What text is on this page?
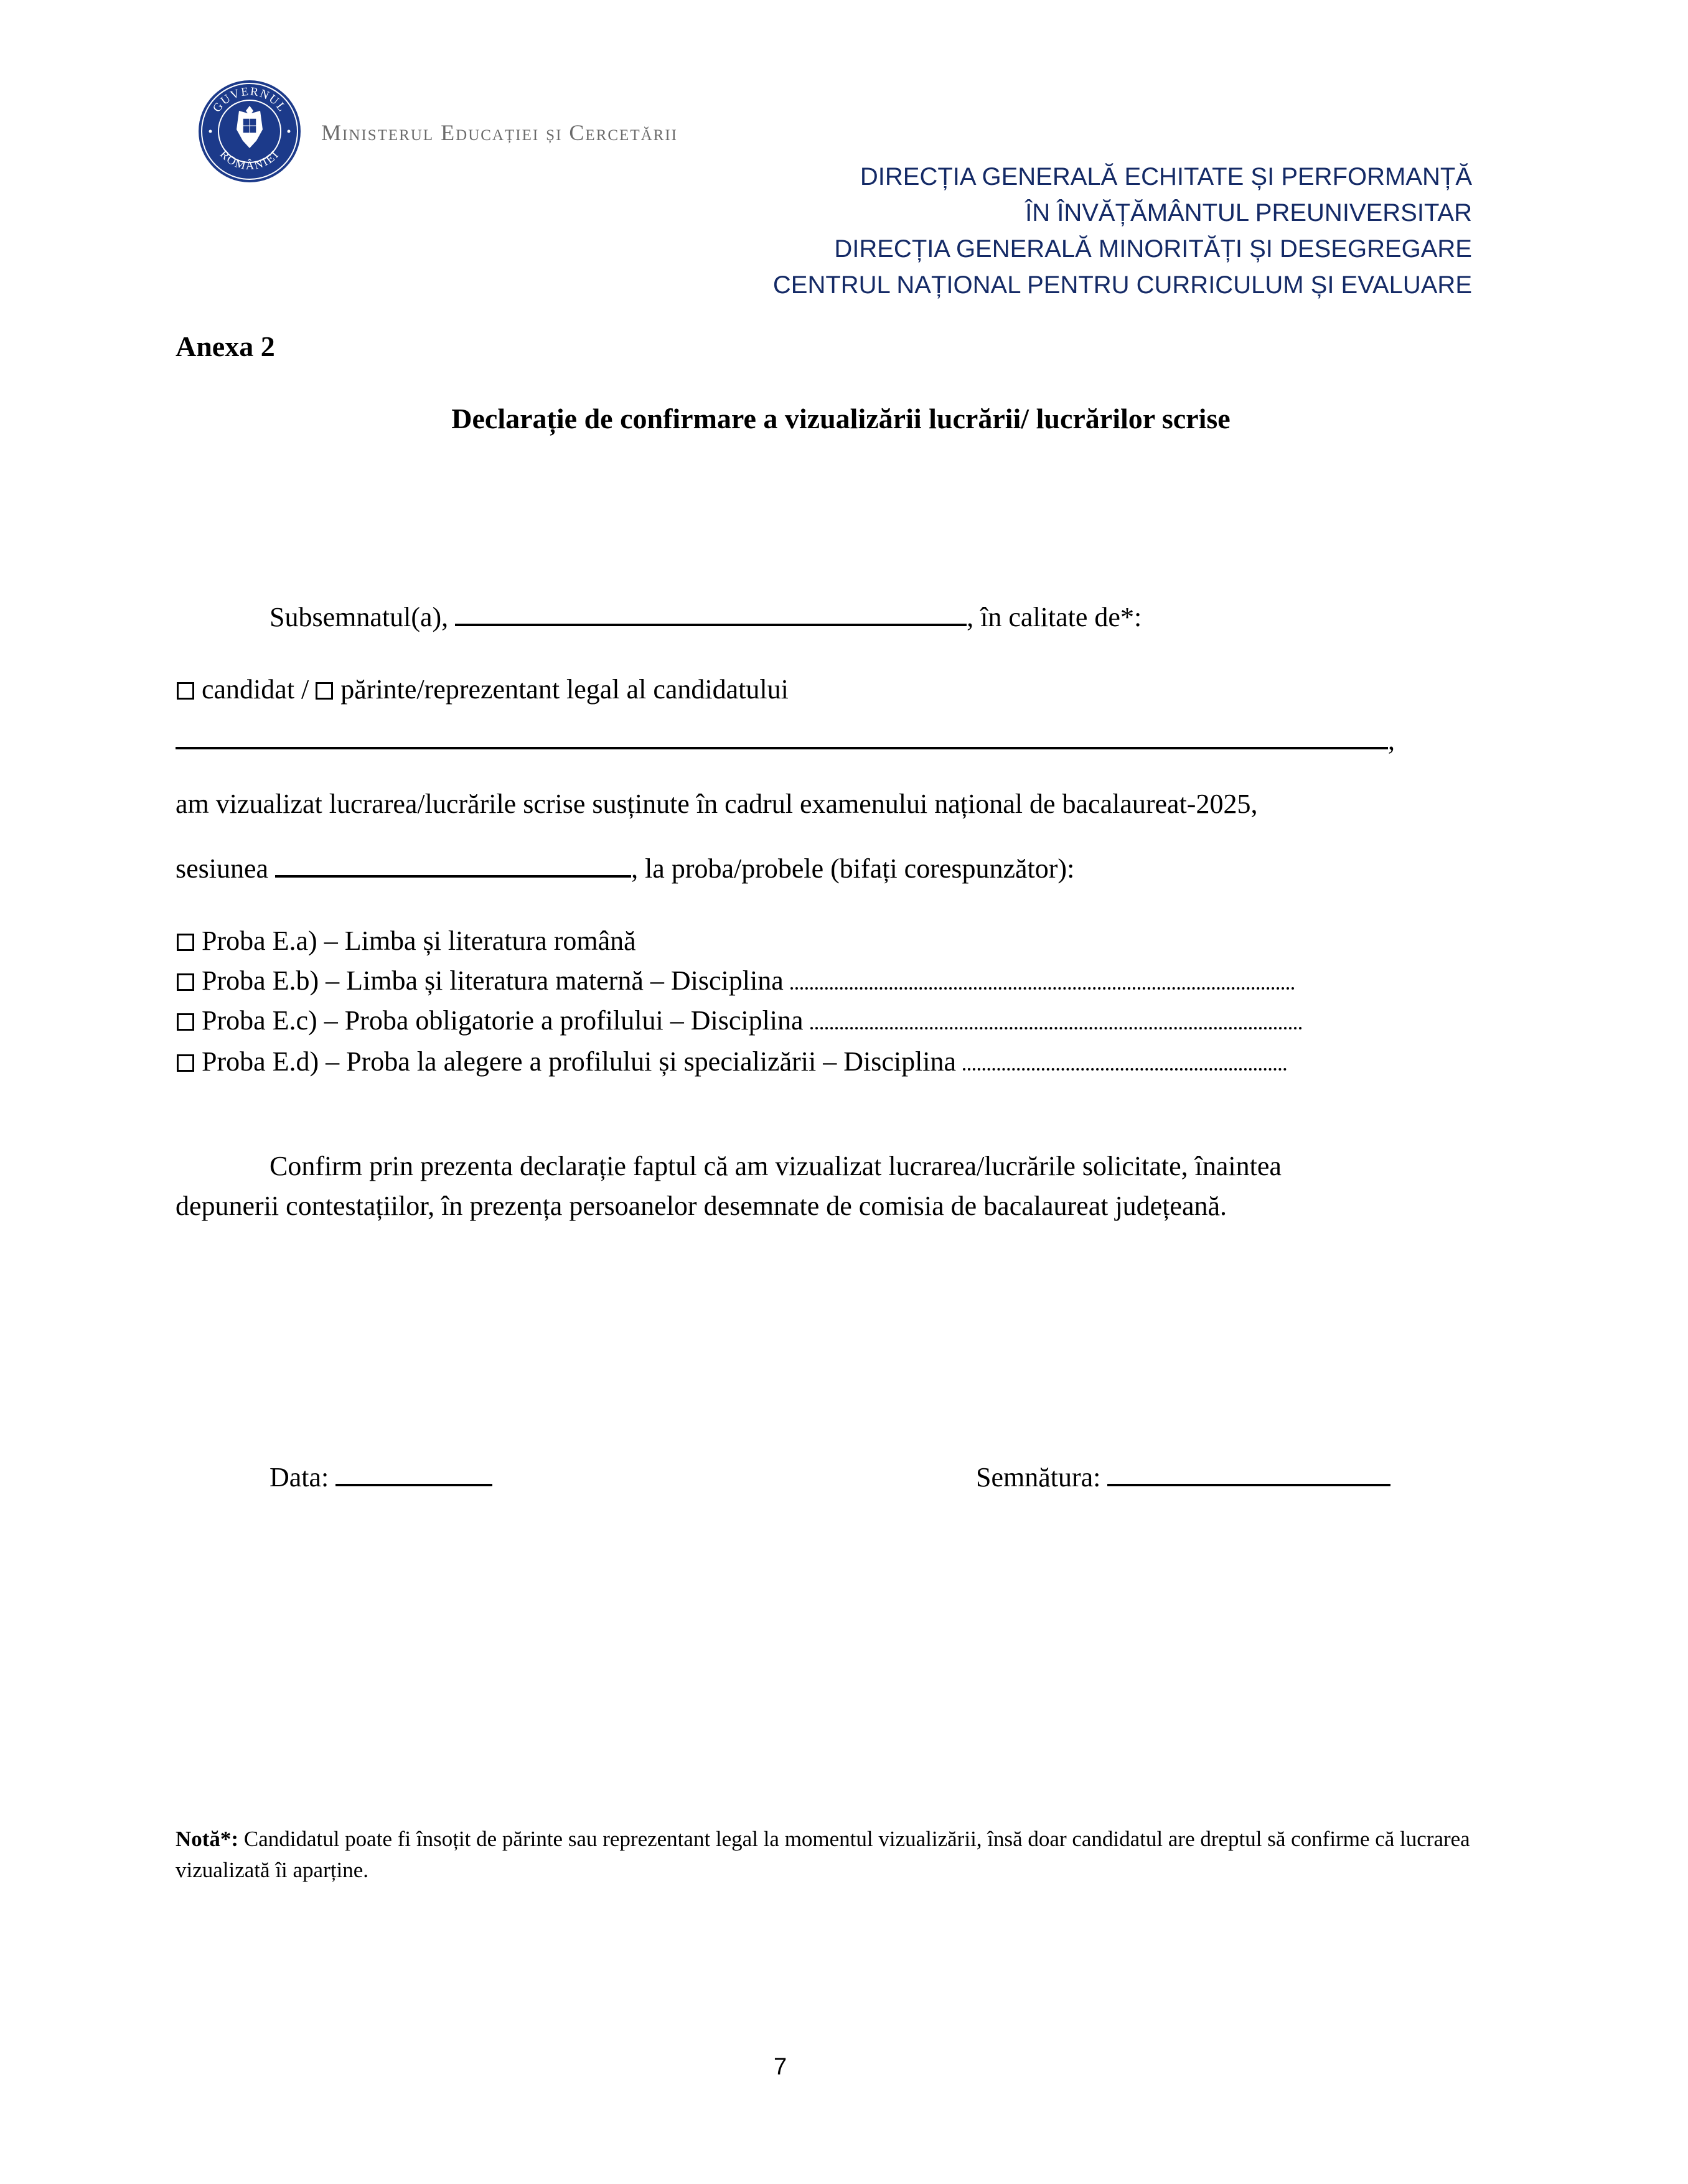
GUVERNUL
ROMÂNIEI
Ministerul Educației și Cercetării
DIRECȚIA GENERALĂ ECHITATE ȘI PERFORMANȚĂ
ÎN ÎNVĂȚĂMÂNTUL PREUNIVERSITAR
DIRECȚIA GENERALĂ MINORITĂȚI ȘI DESEGREGARE
CENTRUL NAȚIONAL PENTRU CURRICULUM ȘI EVALUARE
Anexa 2
Declarație de confirmare a vizualizării lucrării/ lucrărilor scrise
Subsemnatul(a),	, în calitate de*:
candidat / părinte/reprezentant legal al candidatului
,
am vizualizat lucrarea/lucrările scrise susținute în cadrul examenului național de bacalaureat-2025,
sesiunea	, la proba/probele (bifați corespunzător):
Proba E.a) – Limba și literatura română
Proba E.b) – Limba și literatura maternă – Disciplina
Proba E.c) – Proba obligatorie a profilului – Disciplina
Proba E.d) – Proba la alegere a profilului și specializării – Disciplina
Confirm prin prezenta declarație faptul că am vizualizat lucrarea/lucrările solicitate, înaintea
depunerii contestațiilor, în prezența persoanelor desemnate de comisia de bacalaureat județeană.
Data:	Semnătura:
Notă*: Candidatul poate fi însoțit de părinte sau reprezentant legal la momentul vizualizării, însă doar candidatul are dreptul să confirme că lucrarea vizualizată îi aparține.
7
